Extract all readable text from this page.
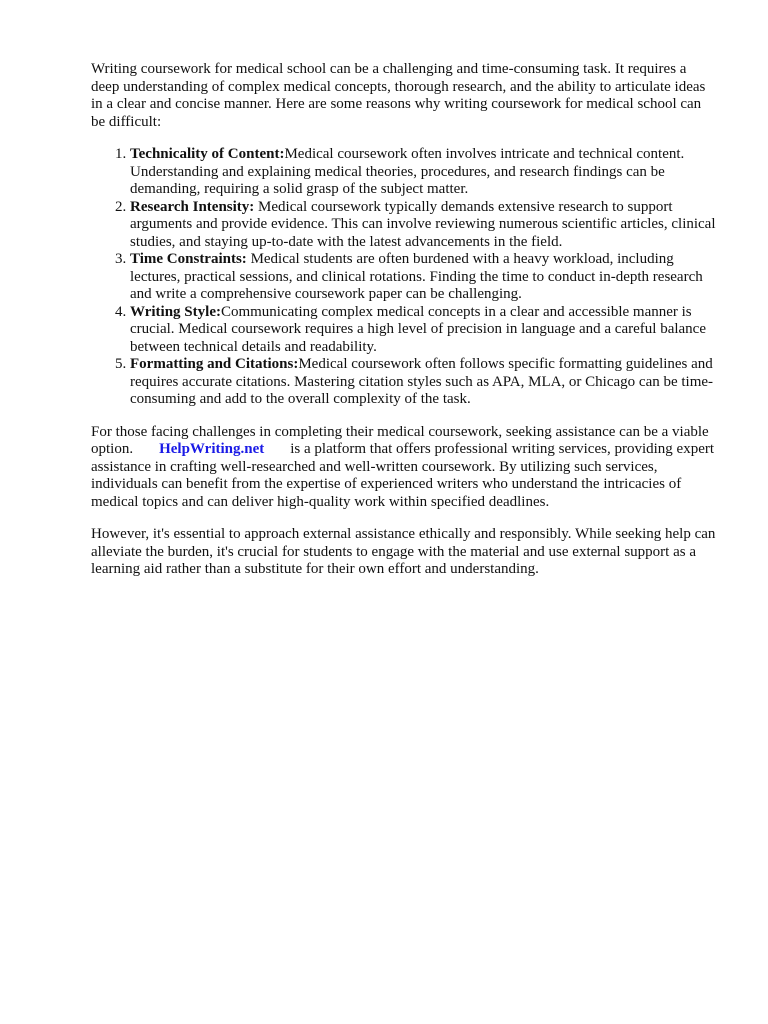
Writing coursework for medical school can be a challenging and time-consuming task. It requires a deep understanding of complex medical concepts, thorough research, and the ability to articulate ideas in a clear and concise manner. Here are some reasons why writing coursework for medical school can be difficult:

1. Technicality of Content:Medical coursework often involves intricate and technical content. Understanding and explaining medical theories, procedures, and research findings can be demanding, requiring a solid grasp of the subject matter.
2. Research Intensity: Medical coursework typically demands extensive research to support arguments and provide evidence. This can involve reviewing numerous scientific articles, clinical studies, and staying up-to-date with the latest advancements in the field.
3. Time Constraints: Medical students are often burdened with a heavy workload, including lectures, practical sessions, and clinical rotations. Finding the time to conduct in-depth research and write a comprehensive coursework paper can be challenging.
4. Writing Style:Communicating complex medical concepts in a clear and accessible manner is crucial. Medical coursework requires a high level of precision in language and a careful balance between technical details and readability.
5. Formatting and Citations:Medical coursework often follows specific formatting guidelines and requires accurate citations. Mastering citation styles such as APA, MLA, or Chicago can be time-consuming and add to the overall complexity of the task.

For those facing challenges in completing their medical coursework, seeking assistance can be a viable option. HelpWriting.net is a platform that offers professional writing services, providing expert assistance in crafting well-researched and well-written coursework. By utilizing such services, individuals can benefit from the expertise of experienced writers who understand the intricacies of medical topics and can deliver high-quality work within specified deadlines.

However, it's essential to approach external assistance ethically and responsibly. While seeking help can alleviate the burden, it's crucial for students to engage with the material and use external support as a learning aid rather than a substitute for their own effort and understanding.
